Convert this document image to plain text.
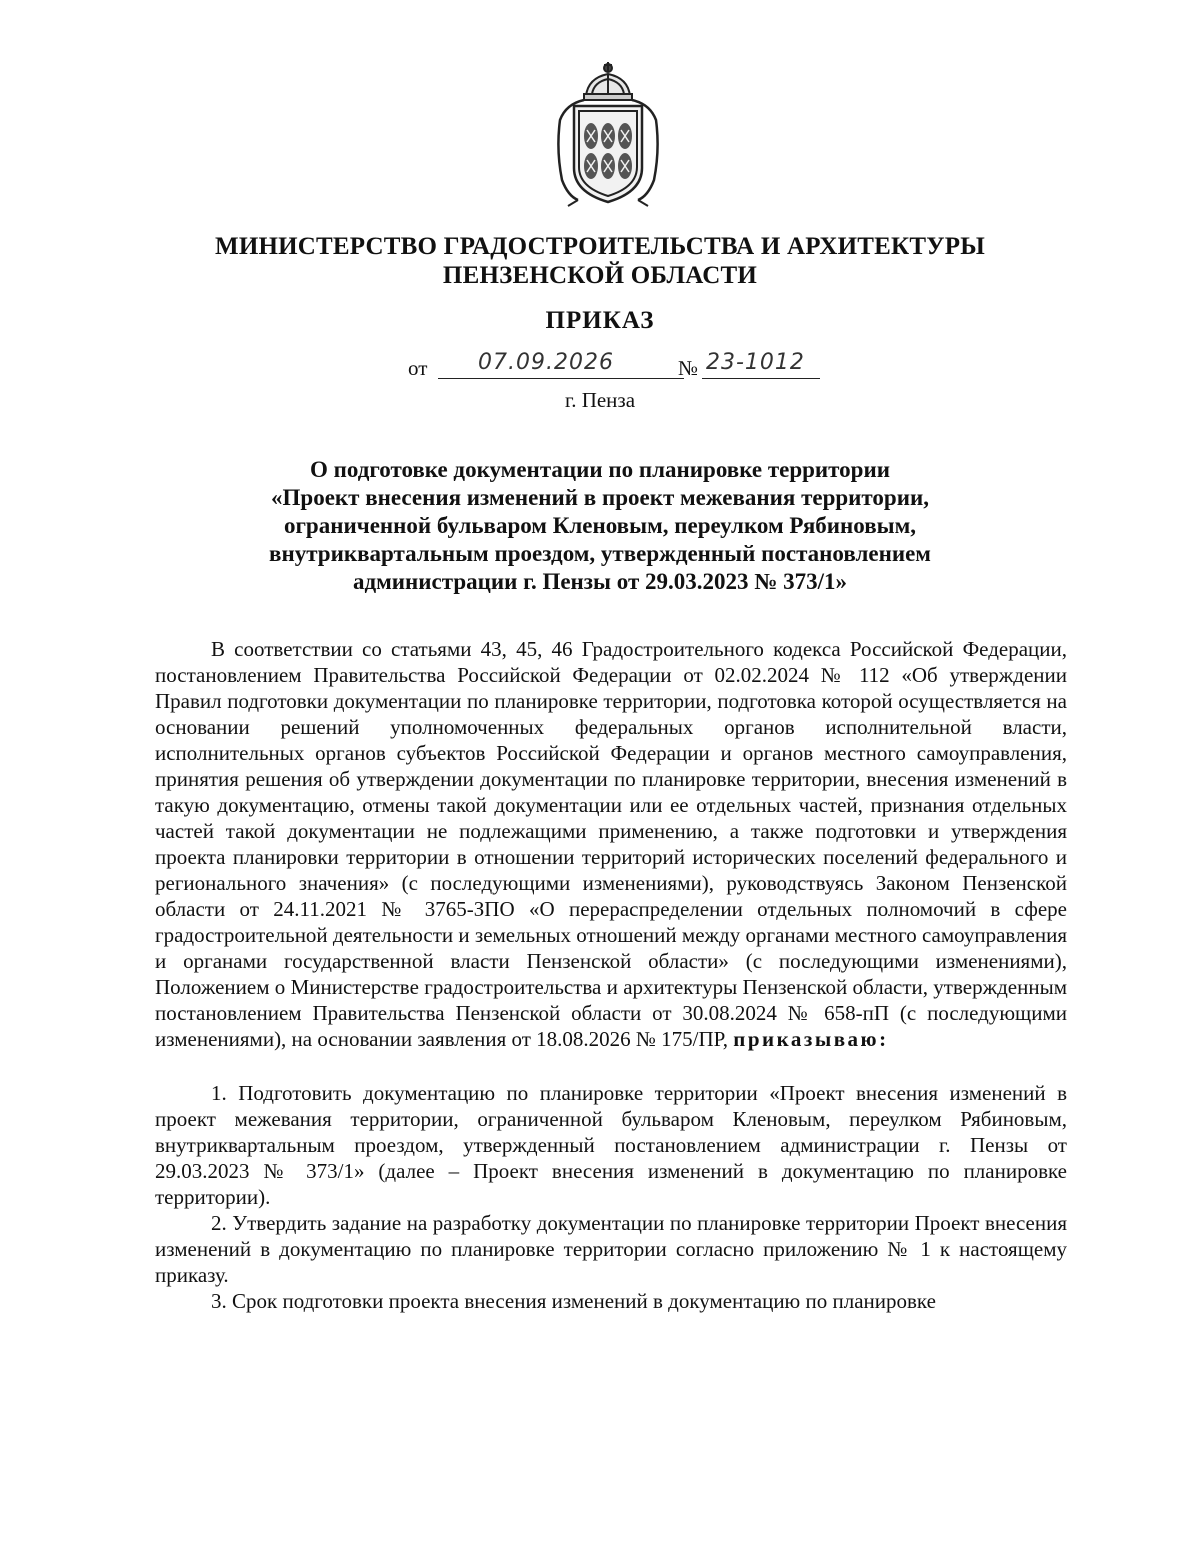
МИНИСТЕРСТВО ГРАДОСТРОИТЕЛЬСТВА И АРХИТЕКТУРЫ
ПЕНЗЕНСКОЙ ОБЛАСТИ
ПРИКАЗ
от 07.09.2026	№ 23-1012
г. Пенза
О подготовке документации по планировке территории
«Проект внесения изменений в проект межевания территории,
ограниченной бульваром Кленовым, переулком Рябиновым,
внутриквартальным проездом, утвержденный постановлением
администрации г. Пензы от 29.03.2023 № 373/1»

В соответствии со статьями 43, 45, 46 Градостроительного кодекса Российской Федерации, постановлением Правительства Российской Федерации от 02.02.2024 № 112 «Об утверждении Правил подготовки документации по планировке территории, подготовка которой осуществляется на основании решений уполномоченных федеральных органов исполнительной власти, исполнительных органов субъектов Российской Федерации и органов местного самоуправления, принятия решения об утверждении документации по планировке территории, внесения изменений в такую документацию, отмены такой документации или ее отдельных частей, признания отдельных частей такой документации не подлежащими применению, а также подготовки и утверждения проекта планировки территории в отношении территорий исторических поселений федерального и регионального значения» (с последующими изменениями), руководствуясь Законом Пензенской области от 24.11.2021 № 3765-ЗПО «О перераспределении отдельных полномочий в сфере градостроительной деятельности и земельных отношений между органами местного самоуправления и органами государственной власти Пензенской области» (с последующими изменениями), Положением о Министерстве градостроительства и архитектуры Пензенской области, утвержденным постановлением Правительства Пензенской области от 30.08.2024 № 658-пП (с последующими изменениями), на основании заявления от 18.08.2026 № 175/ПР, приказываю:

1. Подготовить документацию по планировке территории «Проект внесения изменений в проект межевания территории, ограниченной бульваром Кленовым, переулком Рябиновым, внутриквартальным проездом, утвержденный постановлением администрации г. Пензы от 29.03.2023 № 373/1» (далее – Проект внесения изменений в документацию по планировке территории).

2. Утвердить задание на разработку документации по планировке территории Проект внесения изменений в документацию по планировке территории согласно приложению № 1 к настоящему приказу.

3. Срок подготовки проекта внесения изменений в документацию по планировке
